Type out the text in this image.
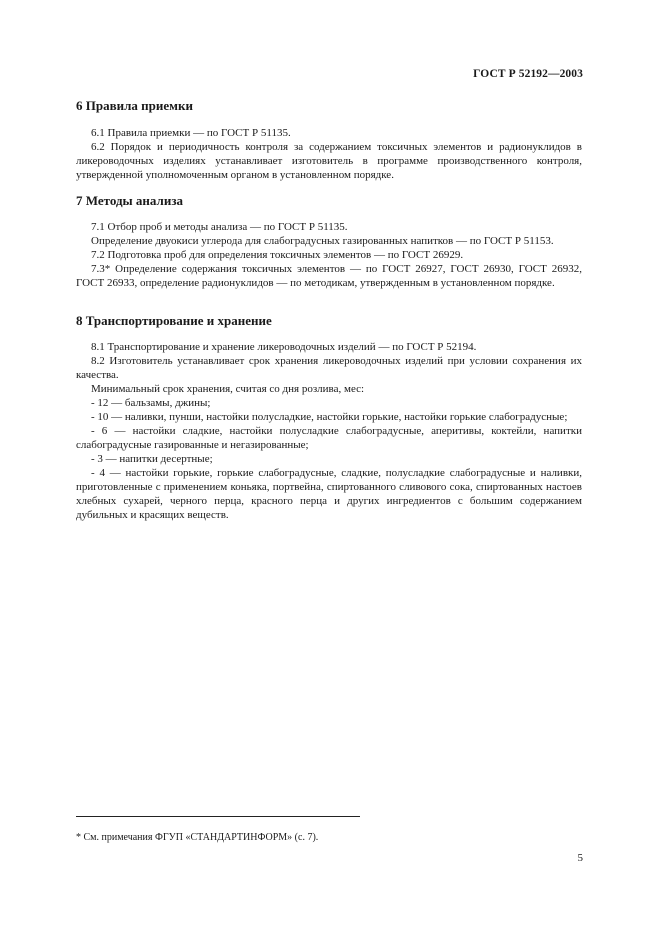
ГОСТ Р 52192—2003
6 Правила приемки

6.1 Правила приемки — по ГОСТ Р 51135.

6.2 Порядок и периодичность контроля за содержанием токсичных элементов и радионуклидов в ликероводочных изделиях устанавливает изготовитель в программе производственного контроля, утвержденной уполномоченным органом в установленном порядке.

7 Методы анализа

7.1 Отбор проб и методы анализа — по ГОСТ Р 51135.

Определение двуокиси углерода для слабоградусных газированных напитков — по ГОСТ Р 51153.

7.2 Подготовка проб для определения токсичных элементов — по ГОСТ 26929.

7.3* Определение содержания токсичных элементов — по ГОСТ 26927, ГОСТ 26930, ГОСТ 26932, ГОСТ 26933, определение радионуклидов — по методикам, утвержденным в установленном порядке.

8 Транспортирование и хранение

8.1 Транспортирование и хранение ликероводочных изделий — по ГОСТ Р 52194.

8.2 Изготовитель устанавливает срок хранения ликероводочных изделий при условии сохранения их качества.

Минимальный срок хранения, считая со дня розлива, мес:

- 12 — бальзамы, джины;

- 10 — наливки, пунши, настойки полусладкие, настойки горькие, настойки горькие слабоградусные;

- 6 — настойки сладкие, настойки полусладкие слабоградусные, аперитивы, коктейли, напитки слабоградусные газированные и негазированные;

- 3 — напитки десертные;

- 4 — настойки горькие, горькие слабоградусные, сладкие, полусладкие слабоградусные и наливки, приготовленные с применением коньяка, портвейна, спиртованного сливового сока, спиртованных настоев хлебных сухарей, черного перца, красного перца и других ингредиентов с большим содержанием дубильных и красящих веществ.

* См. примечания ФГУП «СТАНДАРТИНФОРМ» (с. 7).
5
